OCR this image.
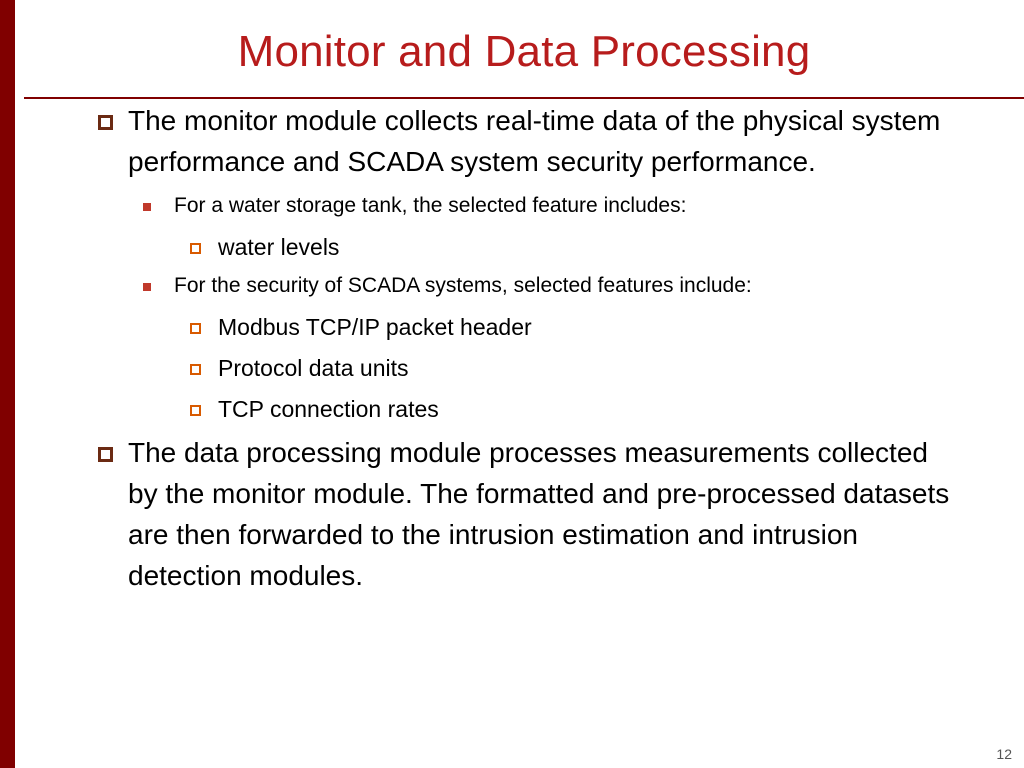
Monitor and Data Processing
The monitor module collects real-time data of the physical system performance and SCADA system security performance.
For a water storage tank, the selected feature includes:
water levels
For the security of SCADA systems, selected features include:
Modbus TCP/IP packet header
Protocol data units
TCP connection rates
The data processing module processes measurements collected by the monitor module. The formatted and pre-processed datasets are then forwarded to the intrusion estimation and intrusion detection modules.
12
